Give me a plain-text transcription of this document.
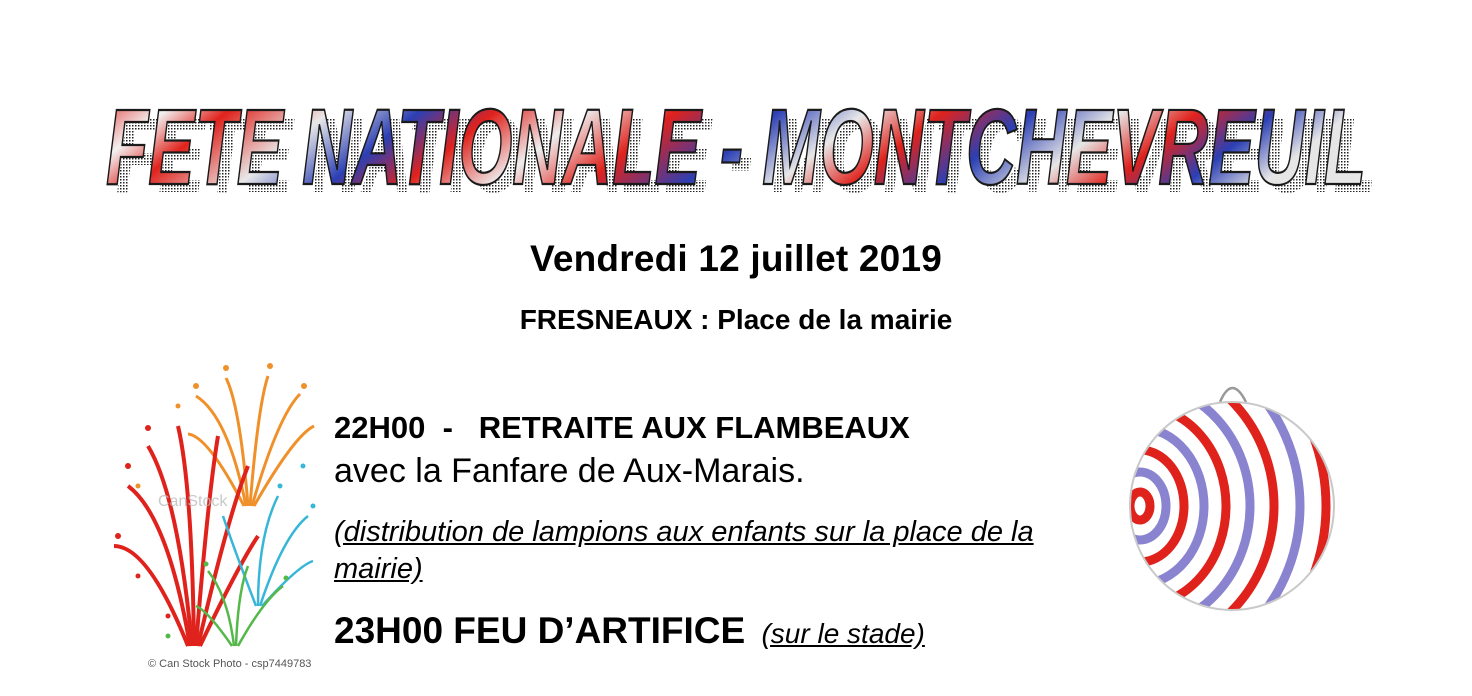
FETE NATIONALE - MONTCHEVREUIL
FETE NATIONALE - MONTCHEVREUIL
Vendredi 12 juillet 2019
FRESNEAUX : Place de la mairie
CanStock
© Can Stock Photo - csp7449783
22H00  -   RETRAITE AUX FLAMBEAUX
avec la Fanfare de Aux-Marais.
(distribution de lampions aux enfants sur la place de la mairie)
23H00 FEU D’ARTIFICE (sur le stade)
